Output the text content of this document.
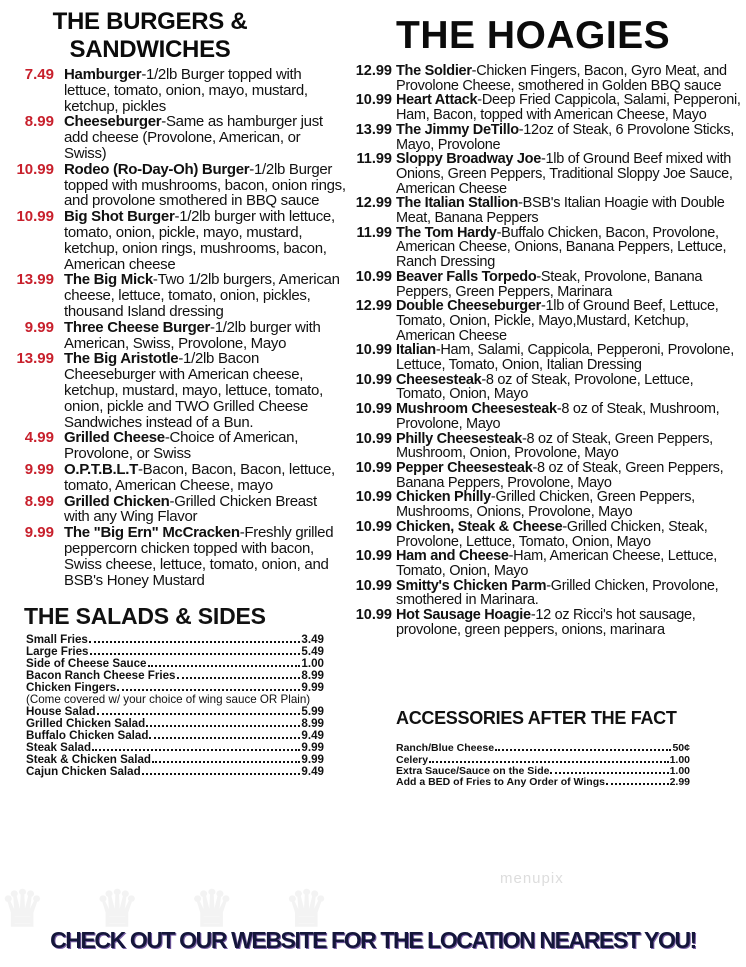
♛ ♛ ♛ ♛
menupix
THE BURGERS &
SANDWICHES	THE HOAGIES
7.49 Hamburger-1/2lb Burger topped with lettuce, tomato, onion, mayo, mustard, ketchup, pickles
8.99 Cheeseburger-Same as hamburger just add cheese (Provolone, American, or Swiss)
10.99 Rodeo (Ro-Day-Oh) Burger-1/2lb Burger topped with mushrooms, bacon, onion rings, and provolone smothered in BBQ sauce
10.99 Big Shot Burger-1/2lb burger with lettuce, tomato, onion, pickle, mayo, mustard, ketchup, onion rings, mushrooms, bacon, American cheese
13.99 The Big Mick-Two 1/2lb burgers, American cheese, lettuce, tomato, onion, pickles, thousand Island dressing
9.99 Three Cheese Burger-1/2lb burger with American, Swiss, Provolone, Mayo
13.99 The Big Aristotle-1/2lb Bacon Cheeseburger with American cheese, ketchup, mustard, mayo, lettuce, tomato, onion, pickle and TWO Grilled Cheese Sandwiches instead of a Bun.
4.99 Grilled Cheese-Choice of American, Provolone, or Swiss
9.99 O.P.T.B.L.T-Bacon, Bacon, Bacon, lettuce, tomato, American Cheese, mayo
8.99 Grilled Chicken-Grilled Chicken Breast with any Wing Flavor
9.99 The "Big Ern" McCracken-Freshly grilled peppercorn chicken topped with bacon, Swiss cheese, lettuce, tomato, onion, and BSB's Honey Mustard
THE SALADS & SIDES
Small Fries	3.49
Large Fries	5.49
Side of Cheese Sauce	1.00
Bacon Ranch Cheese Fries	8.99
Chicken Fingers	9.99
(Come covered w/ your choice of wing sauce OR Plain)
House Salad	5.99
Grilled Chicken Salad	8.99
Buffalo Chicken Salad	9.49
Steak Salad	9.99
Steak & Chicken Salad	9.99
Cajun Chicken Salad	9.49
12.99 The Soldier-Chicken Fingers, Bacon, Gyro Meat, and Provolone Cheese, smothered in Golden BBQ sauce
10.99 Heart Attack-Deep Fried Cappicola, Salami, Pepperoni, Ham, Bacon, topped with American Cheese, Mayo
13.99 The Jimmy DeTillo-12oz of Steak, 6 Provolone Sticks, Mayo, Provolone
11.99 Sloppy Broadway Joe-1lb of Ground Beef mixed with Onions, Green Peppers, Traditional Sloppy Joe Sauce, American Cheese
12.99 The Italian Stallion-BSB's Italian Hoagie with Double Meat, Banana Peppers
11.99 The Tom Hardy-Buffalo Chicken, Bacon, Provolone, American Cheese, Onions, Banana Peppers, Lettuce, Ranch Dressing
10.99 Beaver Falls Torpedo-Steak, Provolone, Banana Peppers, Green Peppers, Marinara
12.99 Double Cheeseburger-1lb of Ground Beef, Lettuce, Tomato, Onion, Pickle, Mayo,Mustard, Ketchup, American Cheese
10.99 Italian-Ham, Salami, Cappicola, Pepperoni, Provolone, Lettuce, Tomato, Onion, Italian Dressing
10.99 Cheesesteak-8 oz of Steak, Provolone, Lettuce, Tomato, Onion, Mayo
10.99 Mushroom Cheesesteak-8 oz of Steak, Mushroom, Provolone, Mayo
10.99 Philly Cheesesteak-8 oz of Steak, Green Peppers, Mushroom, Onion, Provolone, Mayo
10.99 Pepper Cheesesteak-8 oz of Steak, Green Peppers, Banana Peppers, Provolone, Mayo
10.99 Chicken Philly-Grilled Chicken, Green Peppers, Mushrooms, Onions, Provolone, Mayo
10.99 Chicken, Steak & Cheese-Grilled Chicken, Steak, Provolone, Lettuce, Tomato, Onion, Mayo
10.99 Ham and Cheese-Ham, American Cheese, Lettuce, Tomato, Onion, Mayo
10.99 Smitty's Chicken Parm-Grilled Chicken, Provolone, smothered in Marinara.
10.99 Hot Sausage Hoagie-12 oz Ricci's hot sausage, provolone, green peppers, onions, marinara
ACCESSORIES AFTER THE FACT
Ranch/Blue Cheese	50¢
Celery	1.00
Extra Sauce/Sauce on the Side	1.00
Add a BED of Fries to Any Order of Wings	2.99
CHECK OUT OUR WEBSITE FOR THE LOCATION NEAREST YOU!
